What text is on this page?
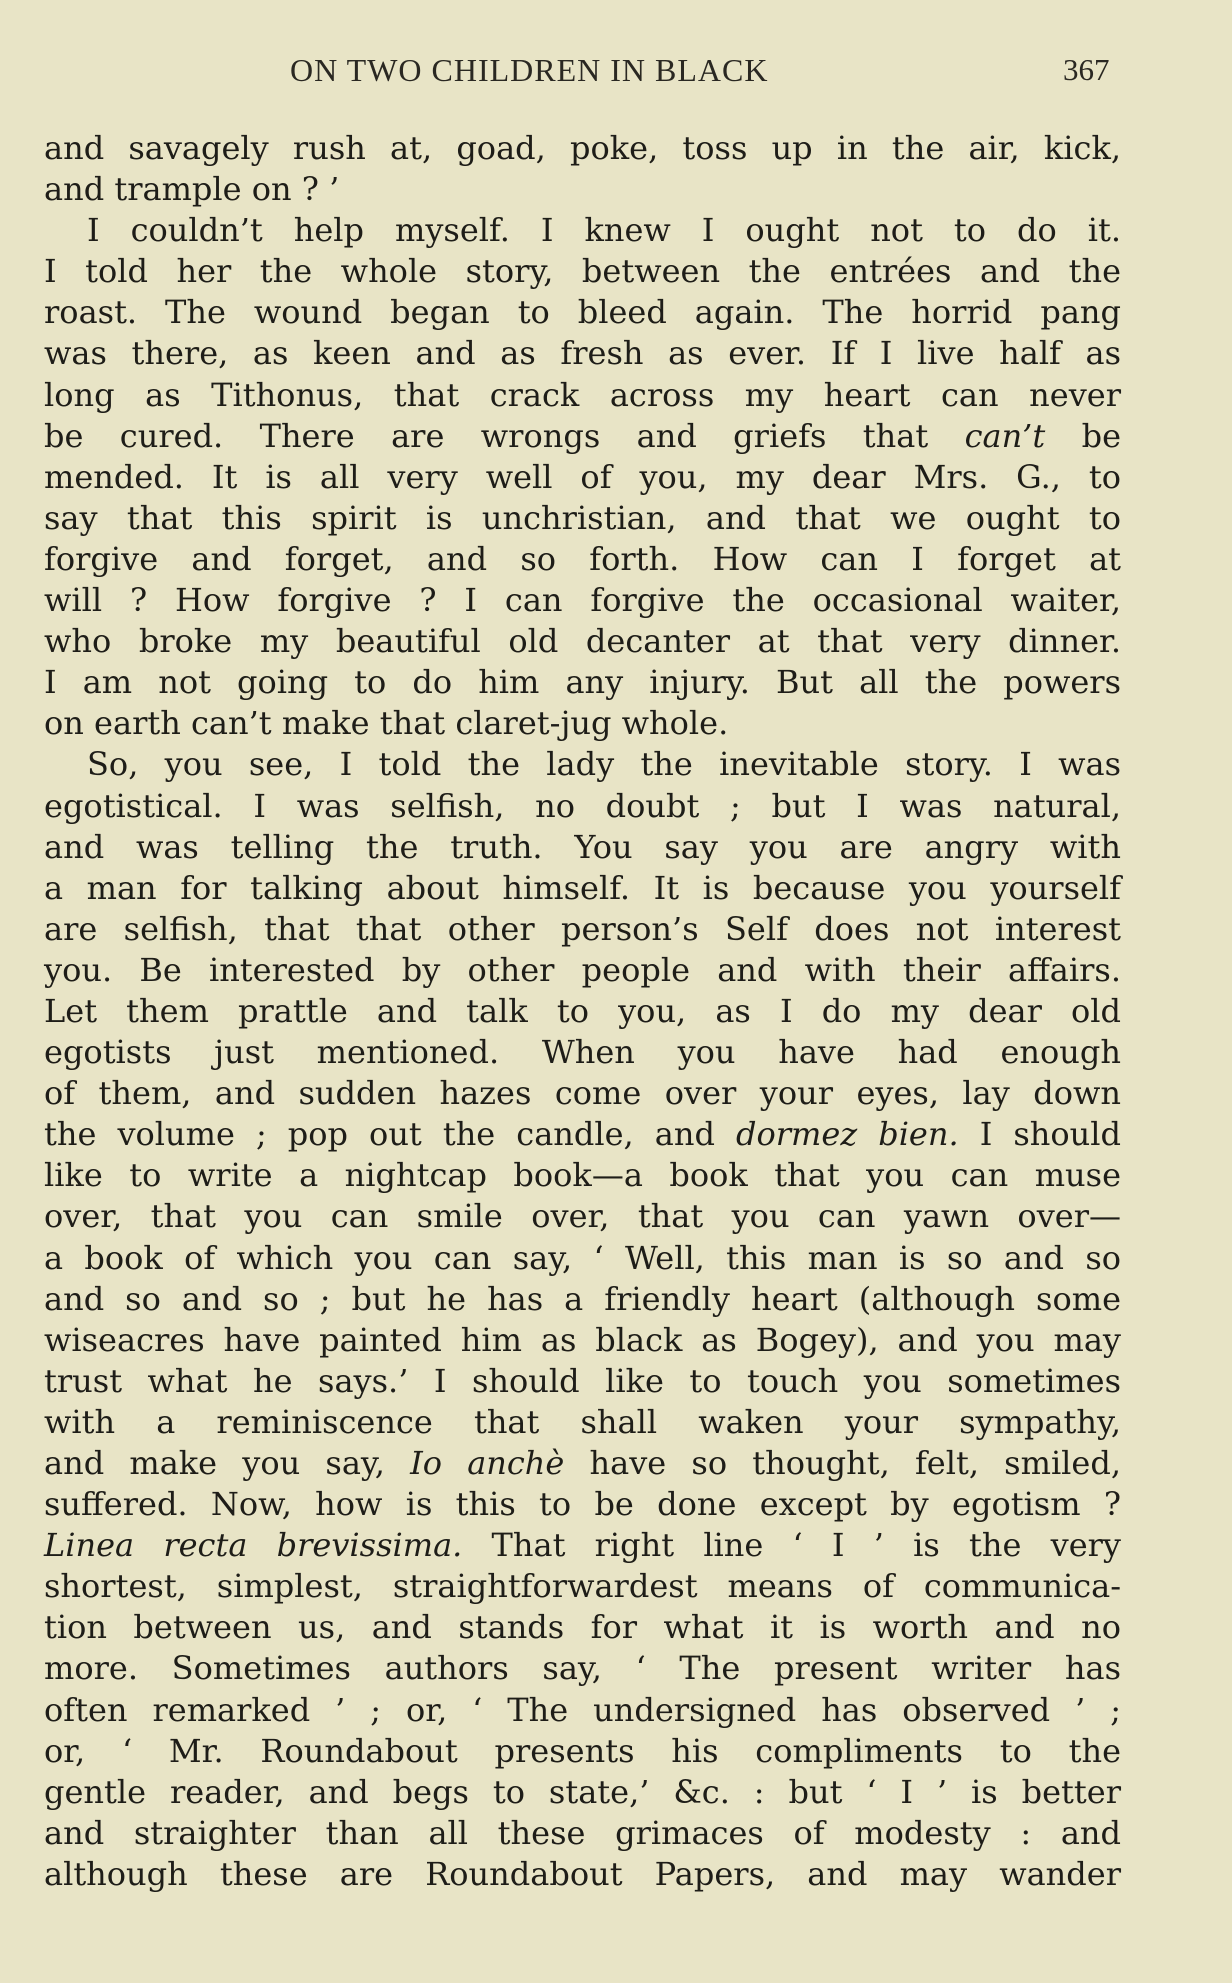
ON TWO CHILDREN IN BLACK	367
and savagely rush at, goad, poke, toss up in the air, kick,
and trample on ? ’
I couldn’t help myself. I knew I ought not to do it.
I told her the whole story, between the entrées and the
roast. The wound began to bleed again. The horrid pang
was there, as keen and as fresh as ever. If I live half as
long as Tithonus, that crack across my heart can never
be cured. There are wrongs and griefs that can’t be
mended. It is all very well of you, my dear Mrs. G., to
say that this spirit is unchristian, and that we ought to
forgive and forget, and so forth. How can I forget at
will ? How forgive ? I can forgive the occasional waiter,
who broke my beautiful old decanter at that very dinner.
I am not going to do him any injury. But all the powers
on earth can’t make that claret-jug whole.
So, you see, I told the lady the inevitable story. I was
egotistical. I was selfish, no doubt ; but I was natural,
and was telling the truth. You say you are angry with
a man for talking about himself. It is because you yourself
are selfish, that that other person’s Self does not interest
you. Be interested by other people and with their affairs.
Let them prattle and talk to you, as I do my dear old
egotists just mentioned. When you have had enough
of them, and sudden hazes come over your eyes, lay down
the volume ; pop out the candle, and dormez bien. I should
like to write a nightcap book—a book that you can muse
over, that you can smile over, that you can yawn over—
a book of which you can say, ‘ Well, this man is so and so
and so and so ; but he has a friendly heart (although some
wiseacres have painted him as black as Bogey), and you may
trust what he says.’ I should like to touch you sometimes
with a reminiscence that shall waken your sympathy,
and make you say, Io anchè have so thought, felt, smiled,
suffered. Now, how is this to be done except by egotism ?
Linea recta brevissima. That right line ‘ I ’ is the very
shortest, simplest, straightforwardest means of communica-
tion between us, and stands for what it is worth and no
more. Sometimes authors say, ‘ The present writer has
often remarked ’ ; or, ‘ The undersigned has observed ’ ;
or, ‘ Mr. Roundabout presents his compliments to the
gentle reader, and begs to state,’ &c. : but ‘ I ’ is better
and straighter than all these grimaces of modesty : and
although these are Roundabout Papers, and may wander
